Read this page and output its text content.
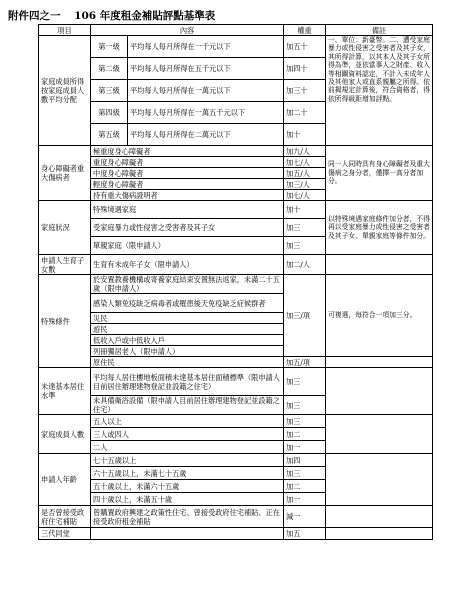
附件四之一 106 年度租金補貼評點基準表
項目	內容		權重	備註
家庭成員所得按家庭成員人數平均分配	第一級	平均每人每月所得在一千元以下	加五十	一、單位：新臺幣。二、遭受家庭暴力或性侵害之受害者及其子女，其所得計算，以其本人及其子女所得為準，並依當事人之財產、收入等相關資料認定，不計入未成年人及其他家人或直系親屬之所得。依前揭規定計算後，符合資格者，得依所得級距增加評點。
	第二級	平均每人每月所得在五千元以下	加四十	
	第三級	平均每人每月所得在一萬元以下	加三十	
	第四級	平均每人每月所得在一萬五千元以下	加二十	
	第五級	平均每人每月所得在二萬元以下	加十	
身心障礙者重大傷病者	極重度身心障礙者		加九/人	同一人同時具有身心障礙者及重大傷病之身分者，僅擇一高分者加分。
	重度身心障礙者		加七/人	
	中度身心障礙者		加五/人	
	輕度身心障礙者		加三/人	
	持有重大傷病證明者		加七/人	
家庭狀況	特殊境遇家庭		加十	以特殊境遇家庭條件加分者，不得再以受家庭暴力或性侵害之受害者及其子女、單親家庭等條件加分。
	受家庭暴力或性侵害之受害者及其子女		加三	
	單親家庭（限申請人）		加三	
申請人生育子女數	生育有未成年子女（限申請人）		加二/人	
特殊條件	於安置教養機構或寄養家庭結束安置無法返家，未滿二十五歲（限申請人）		加三/項	可複選，每符合一項加三分。
	感染人類免疫缺乏病毒者或罹患後天免疫缺乏症候群者			
	災民			
	遊民			
	低收入戶或中低收入戶			
	列冊獨居老人（限申請人）			
	原住民		加五/項	
未達基本居住水準	平均每人居住樓地板面積未達基本居住面積標準（限申請人目前居住辦理建物登記並設籍之住宅）		加三	
	未具備衛浴設備（限申請人目前居住辦理建物登記並設籍之住宅）		加三	
家庭成員人數	五人以上		加三	
	三人或四人		加二	
	二人		加一	
申請人年齡	七十五歲以上		加四	
	六十五歲以上，未滿七十五歲		加三	
	五十歲以上，未滿六十五歲		加二	
	四十歲以上，未滿五十歲		加一	
是否曾接受政府住宅補貼	曾購置政府興建之政策性住宅、曾接受政府住宅補貼、正在接受政府租金補貼		減一	
三代同堂			加五	
